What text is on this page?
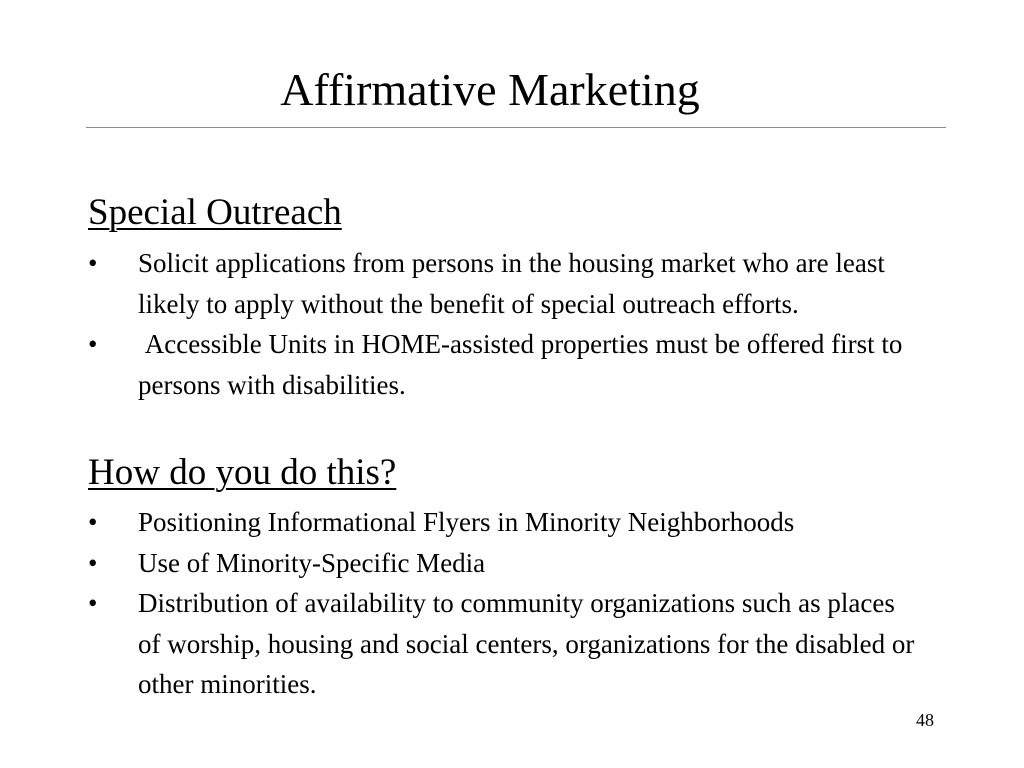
Affirmative Marketing
Special Outreach
•	Solicit applications from persons in the housing market who are least likely to apply without the benefit of special outreach efforts.
•	Accessible Units in HOME-assisted properties must be offered first to persons with disabilities.
How do you do this?
•	Positioning Informational Flyers in Minority Neighborhoods
•	Use of Minority-Specific Media
•	Distribution of availability to community organizations such as places of worship, housing and social centers, organizations for the disabled or other minorities.
48
